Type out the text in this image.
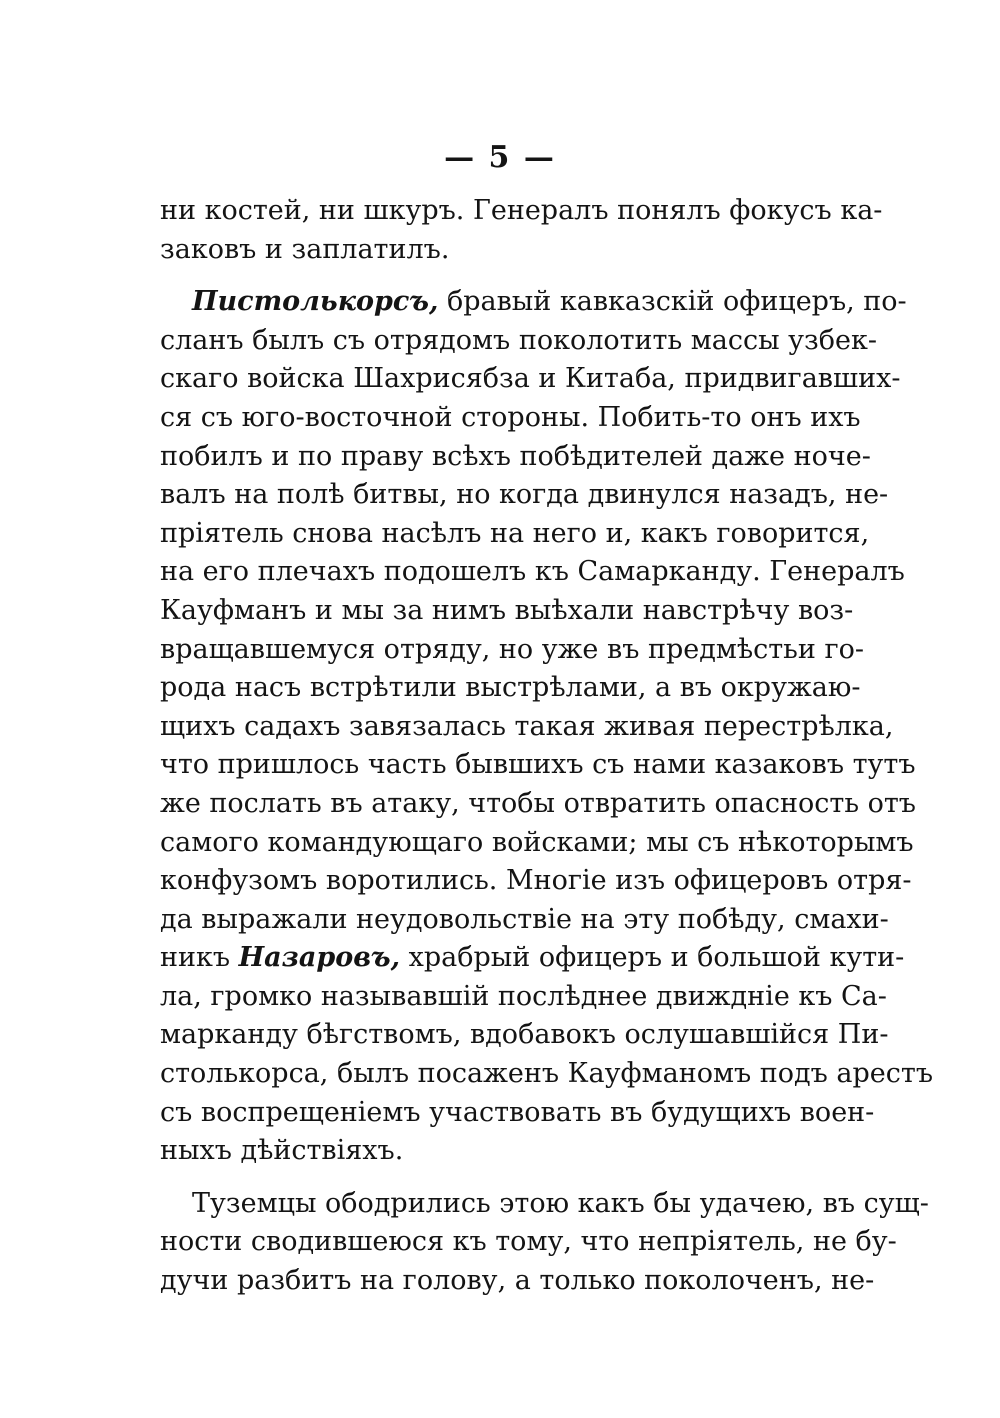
— 5 —
ни костей, ни шкуръ. Генералъ понялъ фокусъ ка-
заковъ и заплатилъ.
Пистолькорсъ, бравый кавказскій офицеръ, по-
сланъ былъ съ отрядомъ поколотить массы узбек-
скаго войска Шахрисябза и Китаба, придвигавших-
ся съ юго-восточной стороны. Побить-то онъ ихъ
побилъ и по праву всѣхъ побѣдителей даже ноче-
валъ на полѣ битвы, но когда двинулся назадъ, не-
пріятель снова насѣлъ на него и, какъ говорится,
на его плечахъ подошелъ къ Самарканду. Генералъ
Кауфманъ и мы за нимъ выѣхали навстрѣчу воз-
вращавшемуся отряду, но уже въ предмѣстьи го-
рода насъ встрѣтили выстрѣлами, а въ окружаю-
щихъ садахъ завязалась такая живая перестрѣлка,
что пришлось часть бывшихъ съ нами казаковъ тутъ
же послать въ атаку, чтобы отвратить опасность отъ
самого командующаго войсками; мы съ нѣкоторымъ
конфузомъ воротились. Многіе изъ офицеровъ отря-
да выражали неудовольствіе на эту побѣду, смахи-
никъ Назаровъ, храбрый офицеръ и большой кути-
ла, громко называвшій послѣднее движдніе къ Са-
марканду бѣгствомъ, вдобавокъ ослушавшійся Пи-
столькорса, былъ посаженъ Кауфманомъ подъ арестъ
съ воспрещеніемъ участвовать въ будущихъ воен-
ныхъ дѣйствіяхъ.
Туземцы ободрились этою какъ бы удачею, въ сущ-
ности сводившеюся къ тому, что непріятель, не бу-
дучи разбитъ на голову, а только поколоченъ, не-
